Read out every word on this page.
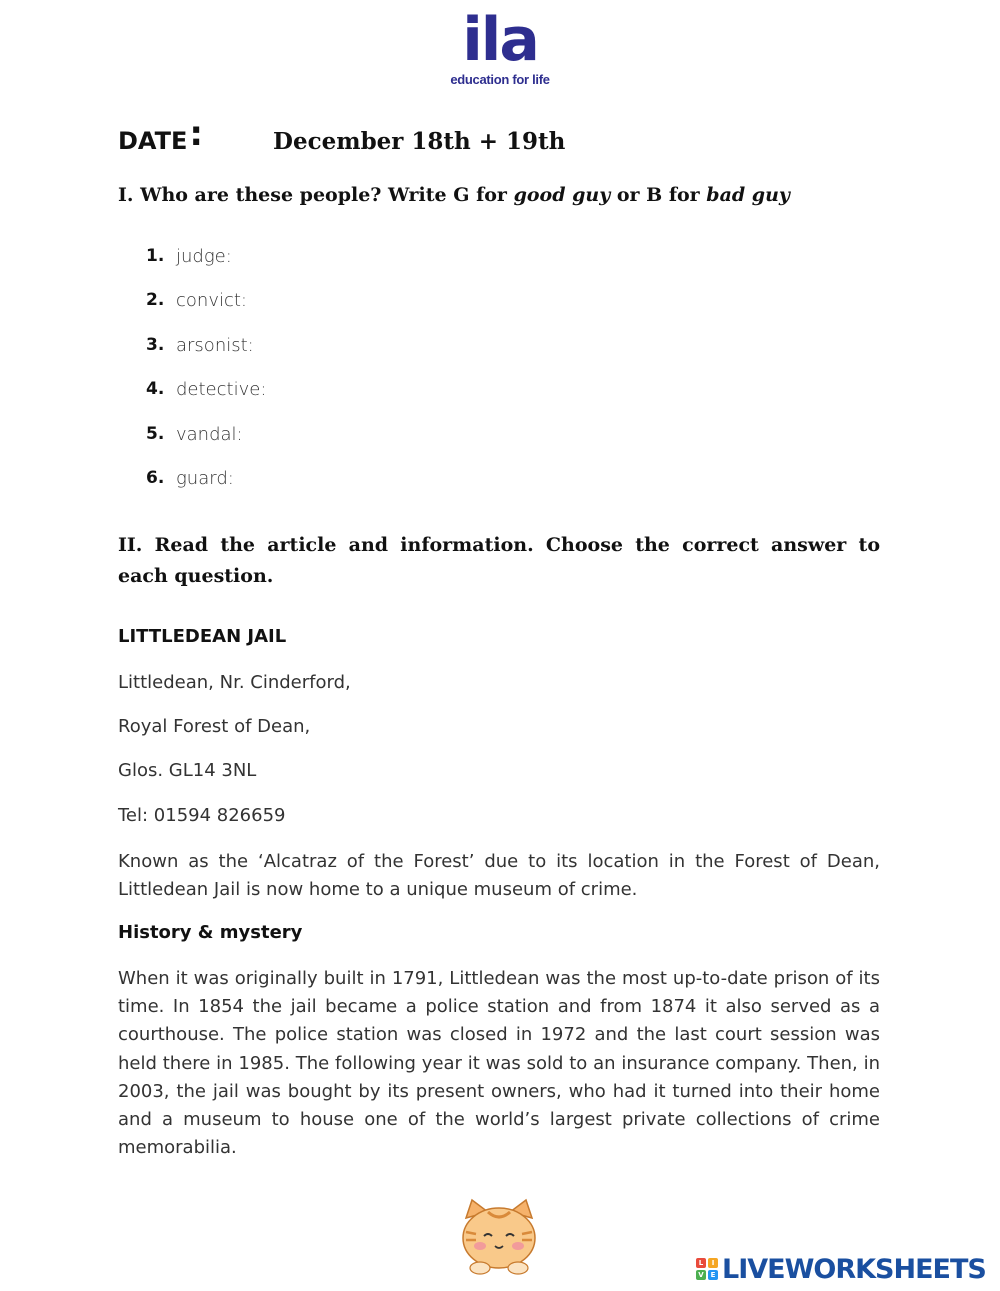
ila
education for life
DATE :	December 18th + 19th
I. Who are these people? Write G for good guy or B for bad guy
1. judge:
2. convict:
3. arsonist:
4. detective:
5. vandal:
6. guard:
II. Read the article and information. Choose the correct answer to each question.
LITTLEDEAN JAIL
Littledean, Nr. Cinderford,
Royal Forest of Dean,
Glos. GL14 3NL
Tel: 01594 826659
Known as the ‘Alcatraz of the Forest’ due to its location in the Forest of Dean, Littledean Jail is now home to a unique museum of crime.
History & mystery
When it was originally built in 1791, Littledean was the most up-to-date prison of its time. In 1854 the jail became a police station and from 1874 it also served as a courthouse. The police station was closed in 1972 and the last court session was held there in 1985. The following year it was sold to an insurance company. Then, in 2003, the jail was bought by its present owners, who had it turned into their home and a museum to house one of the world’s largest private collections of crime memorabilia.
L	I
V E LIVEWORKSHEETS
